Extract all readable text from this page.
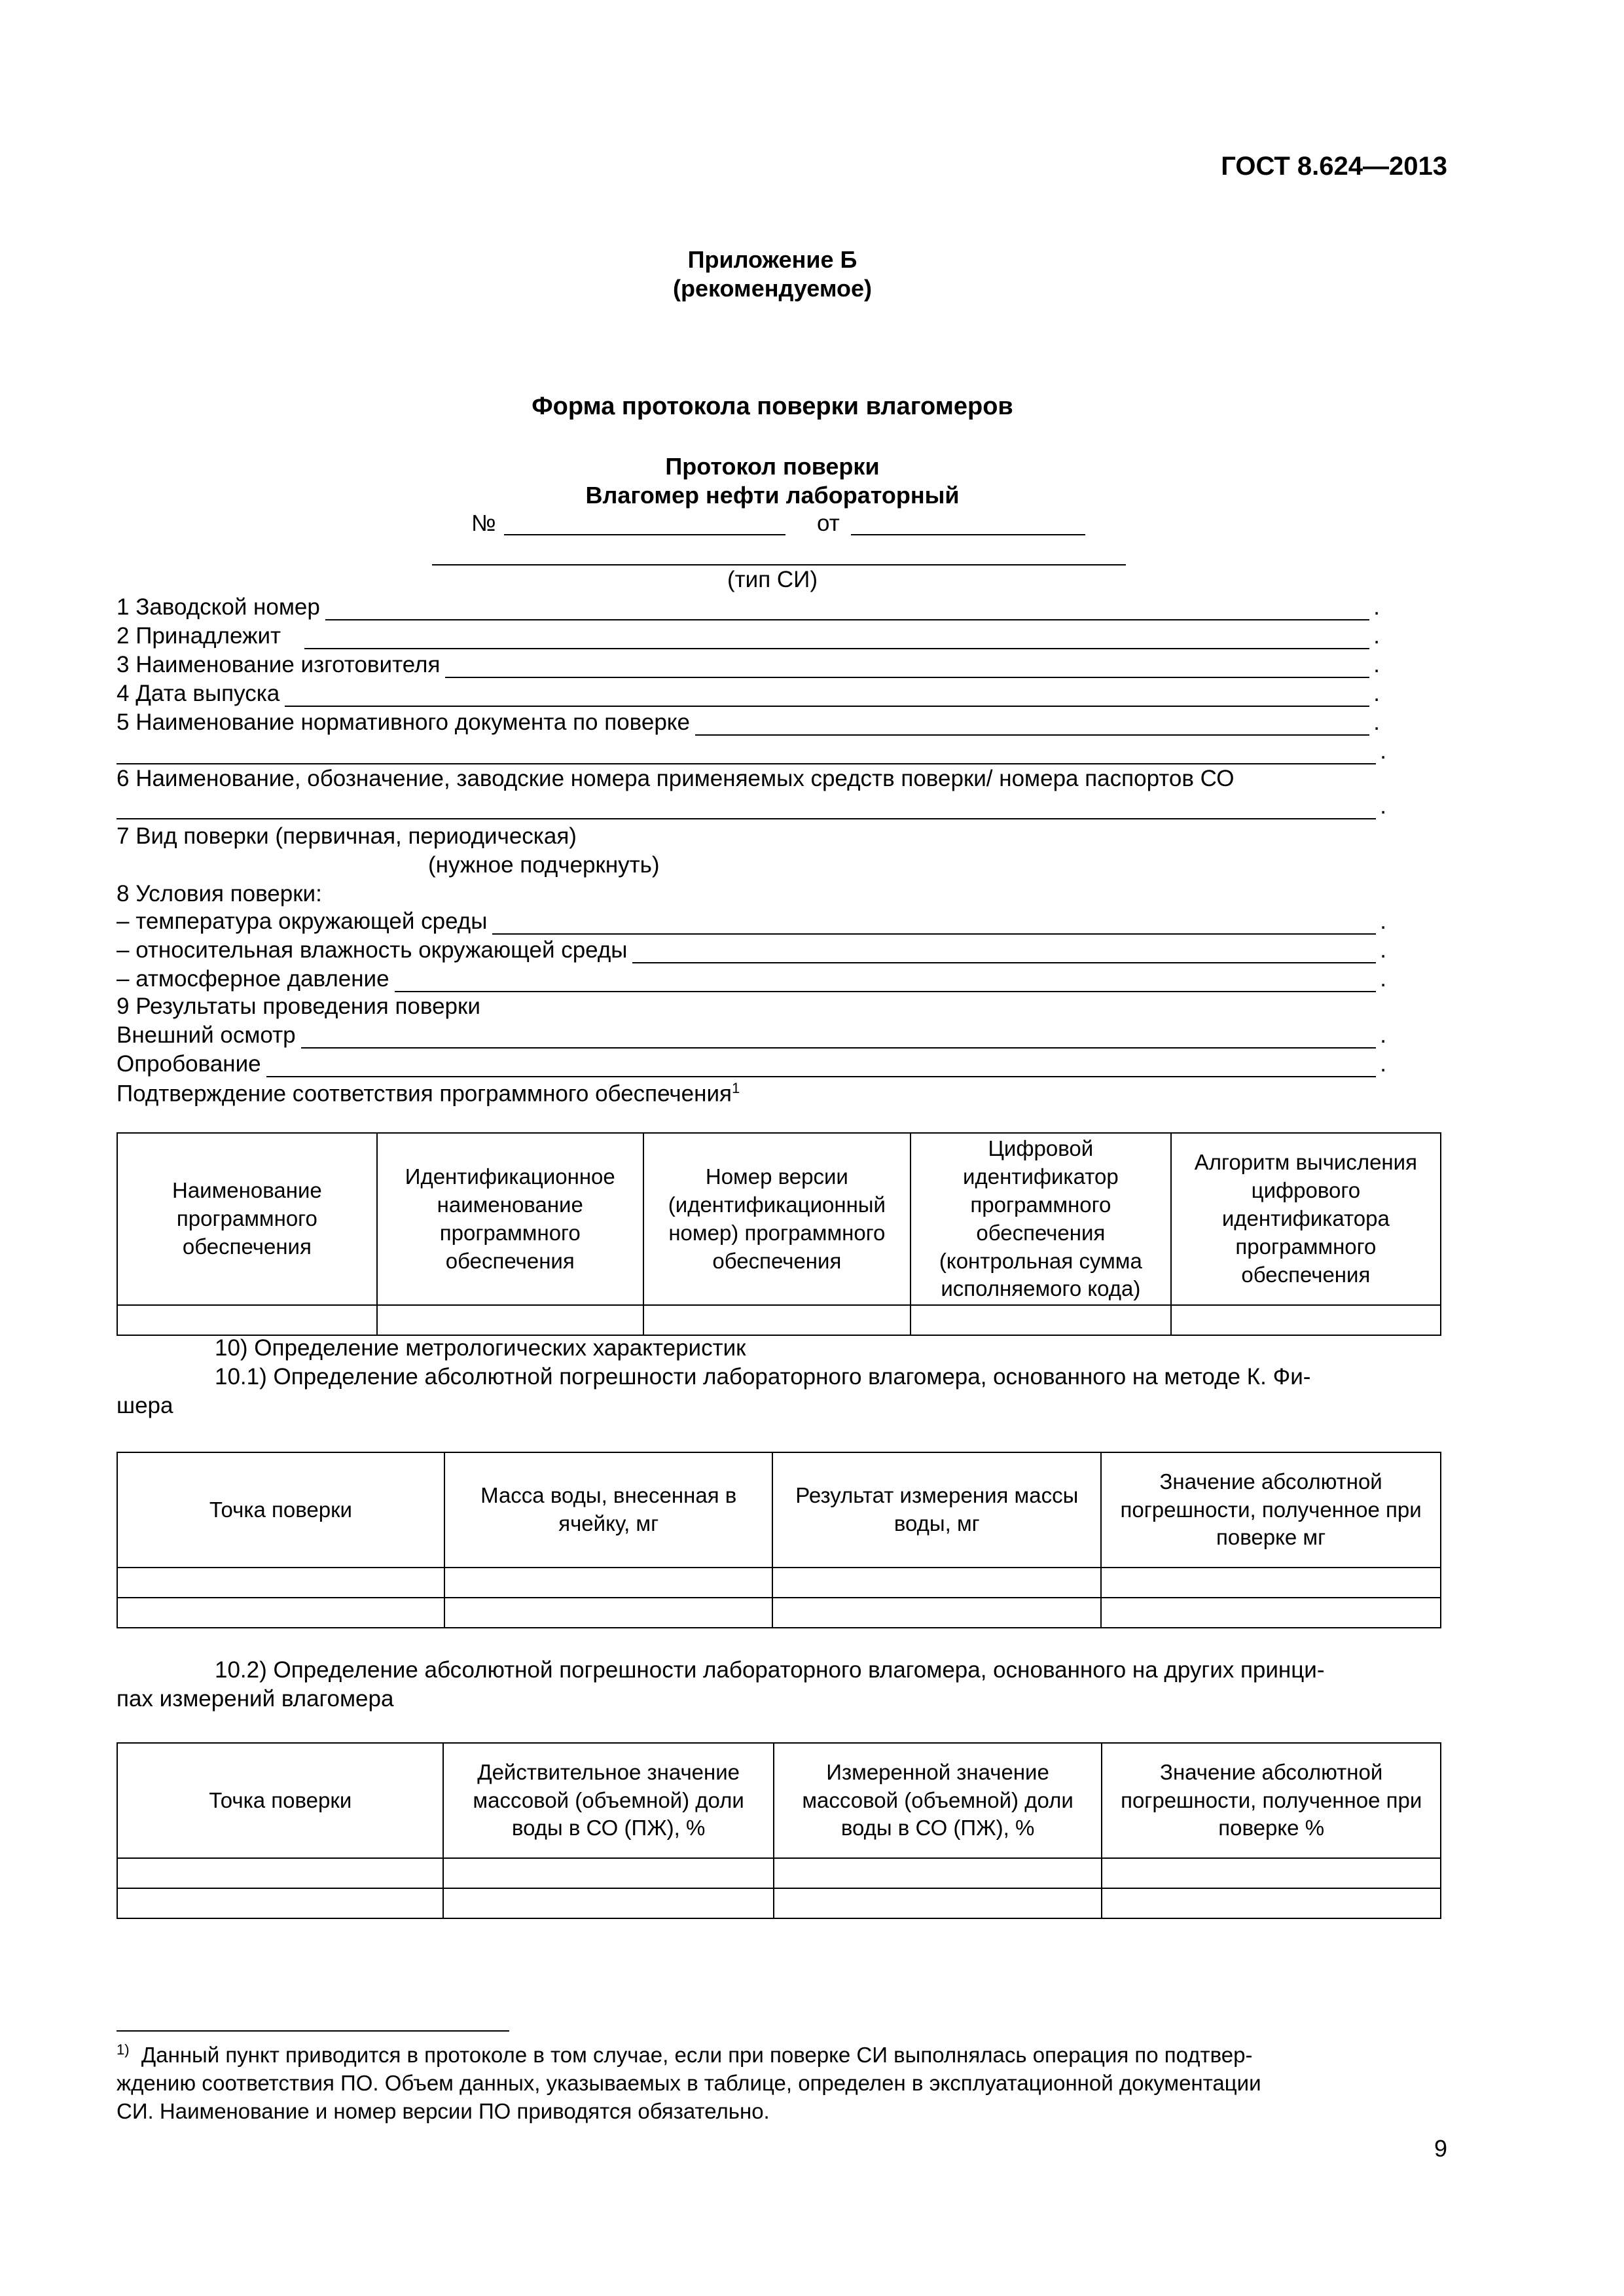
ГОСТ 8.624—2013
Приложение Б
(рекомендуемое)
Форма протокола поверки влагомеров
Протокол поверки
Влагомер нефти лабораторный
№	от
(тип СИ)
1 Заводской номер	.
2 Принадлежит	.
3 Наименование изготовителя	.
4 Дата выпуска	.
5 Наименование нормативного документа по поверке	.
.
6 Наименование, обозначение, заводские номера применяемых средств поверки/ номера паспортов СО
.
7 Вид поверки (первичная, периодическая)
(нужное подчеркнуть)
8 Условия поверки:
– температура окружающей среды	.
– относительная влажность окружающей среды	.
– атмосферное давление	.
9 Результаты проведения поверки
Внешний осмотр	.
Опробование	.
Подтверждение соответствия программного обеспечения$^1$
Наименование программного обеспечения	Идентификационное наименование программного обеспечения	Номер версии (идентификационный номер) программного обеспечения	Цифровой идентификатор программного обеспечения (контрольная сумма исполняемого кода)	Алгоритм вычисления цифрового идентификатора программного обеспечения

10) Определение метрологических характеристик
10.1) Определение абсолютной погрешности лабораторного влагомера, основанного на методе К. Фи-
шера
Точка поверки	Масса воды, внесенная в ячейку, мг	Результат измерения массы воды, мг	Значение абсолютной погрешности, полученное при поверке мг

10.2) Определение абсолютной погрешности лабораторного влагомера, основанного на других принци-
пах измерений влагомера
Точка поверки	Действительное значение массовой (объемной) доли воды в СО (ПЖ), %	Измеренной значение массовой (объемной) доли воды в СО (ПЖ), %	Значение абсолютной погрешности, полученное при поверке %

$^{1)}$ Данный пункт приводится в протоколе в том случае, если при поверке СИ выполнялась операция по подтвер-
ждению соответствия ПО. Объем данных, указываемых в таблице, определен в эксплуатационной документации
СИ. Наименование и номер версии ПО приводятся обязательно.
9
